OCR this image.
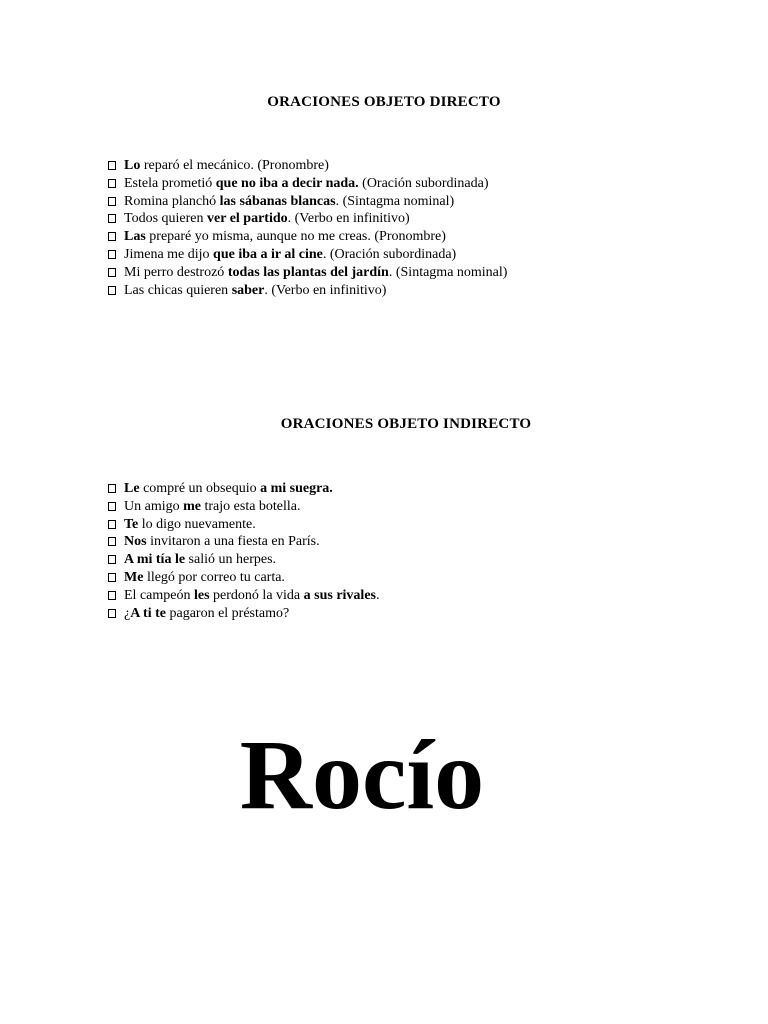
ORACIONES OBJETO DIRECTO
Lo reparó el mecánico. (Pronombre)
Estela prometió que no iba a decir nada. (Oración subordinada)
Romina planchó las sábanas blancas. (Sintagma nominal)
Todos quieren ver el partido. (Verbo en infinitivo)
Las preparé yo misma, aunque no me creas. (Pronombre)
Jimena me dijo que iba a ir al cine. (Oración subordinada)
Mi perro destrozó todas las plantas del jardín. (Sintagma nominal)
Las chicas quieren saber. (Verbo en infinitivo)
ORACIONES OBJETO INDIRECTO
Le compré un obsequio a mi suegra.
Un amigo me trajo esta botella.
Te lo digo nuevamente.
Nos invitaron a una fiesta en París.
A mi tía le salió un herpes.
Me llegó por correo tu carta.
El campeón les perdonó la vida a sus rivales.
¿A ti te pagaron el préstamo?
Rocío
